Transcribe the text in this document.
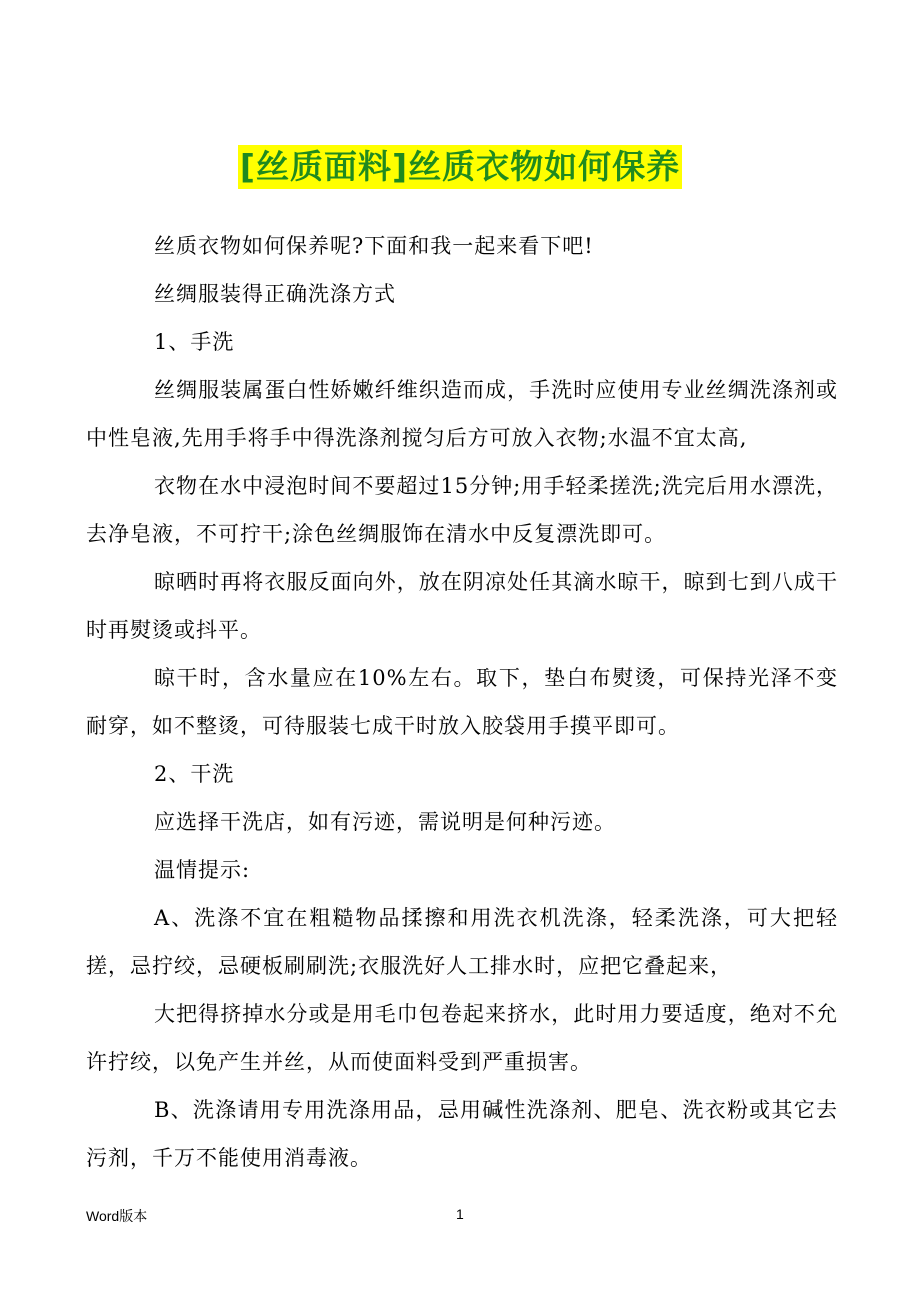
[丝质面料]丝质衣物如何保养

丝质衣物如何保养呢?下面和我一起来看下吧!

丝绸服装得正确洗涤方式

1、手洗

丝绸服装属蛋白性娇嫩纤维织造而成，手洗时应使用专业丝绸洗涤剂或中性皂液,先用手将手中得洗涤剂搅匀后方可放入衣物;水温不宜太高,

衣物在水中浸泡时间不要超过15分钟;用手轻柔搓洗;洗完后用水漂洗，去净皂液，不可拧干;涂色丝绸服饰在清水中反复漂洗即可。

晾晒时再将衣服反面向外，放在阴凉处任其滴水晾干，晾到七到八成干时再熨烫或抖平。

晾干时，含水量应在10%左右。取下，垫白布熨烫，可保持光泽不变耐穿，如不整烫，可待服装七成干时放入胶袋用手摸平即可。

2、干洗

应选择干洗店，如有污迹，需说明是何种污迹。

温情提示:

A、洗涤不宜在粗糙物品揉擦和用洗衣机洗涤，轻柔洗涤，可大把轻搓，忌拧绞，忌硬板刷刷洗;衣服洗好人工排水时，应把它叠起来，

大把得挤掉水分或是用毛巾包卷起来挤水，此时用力要适度，绝对不允许拧绞，以免产生并丝，从而使面料受到严重损害。

B、洗涤请用专用洗涤用品，忌用碱性洗涤剂、肥皂、洗衣粉或其它去污剂，千万不能使用消毒液。

Word版本	1
